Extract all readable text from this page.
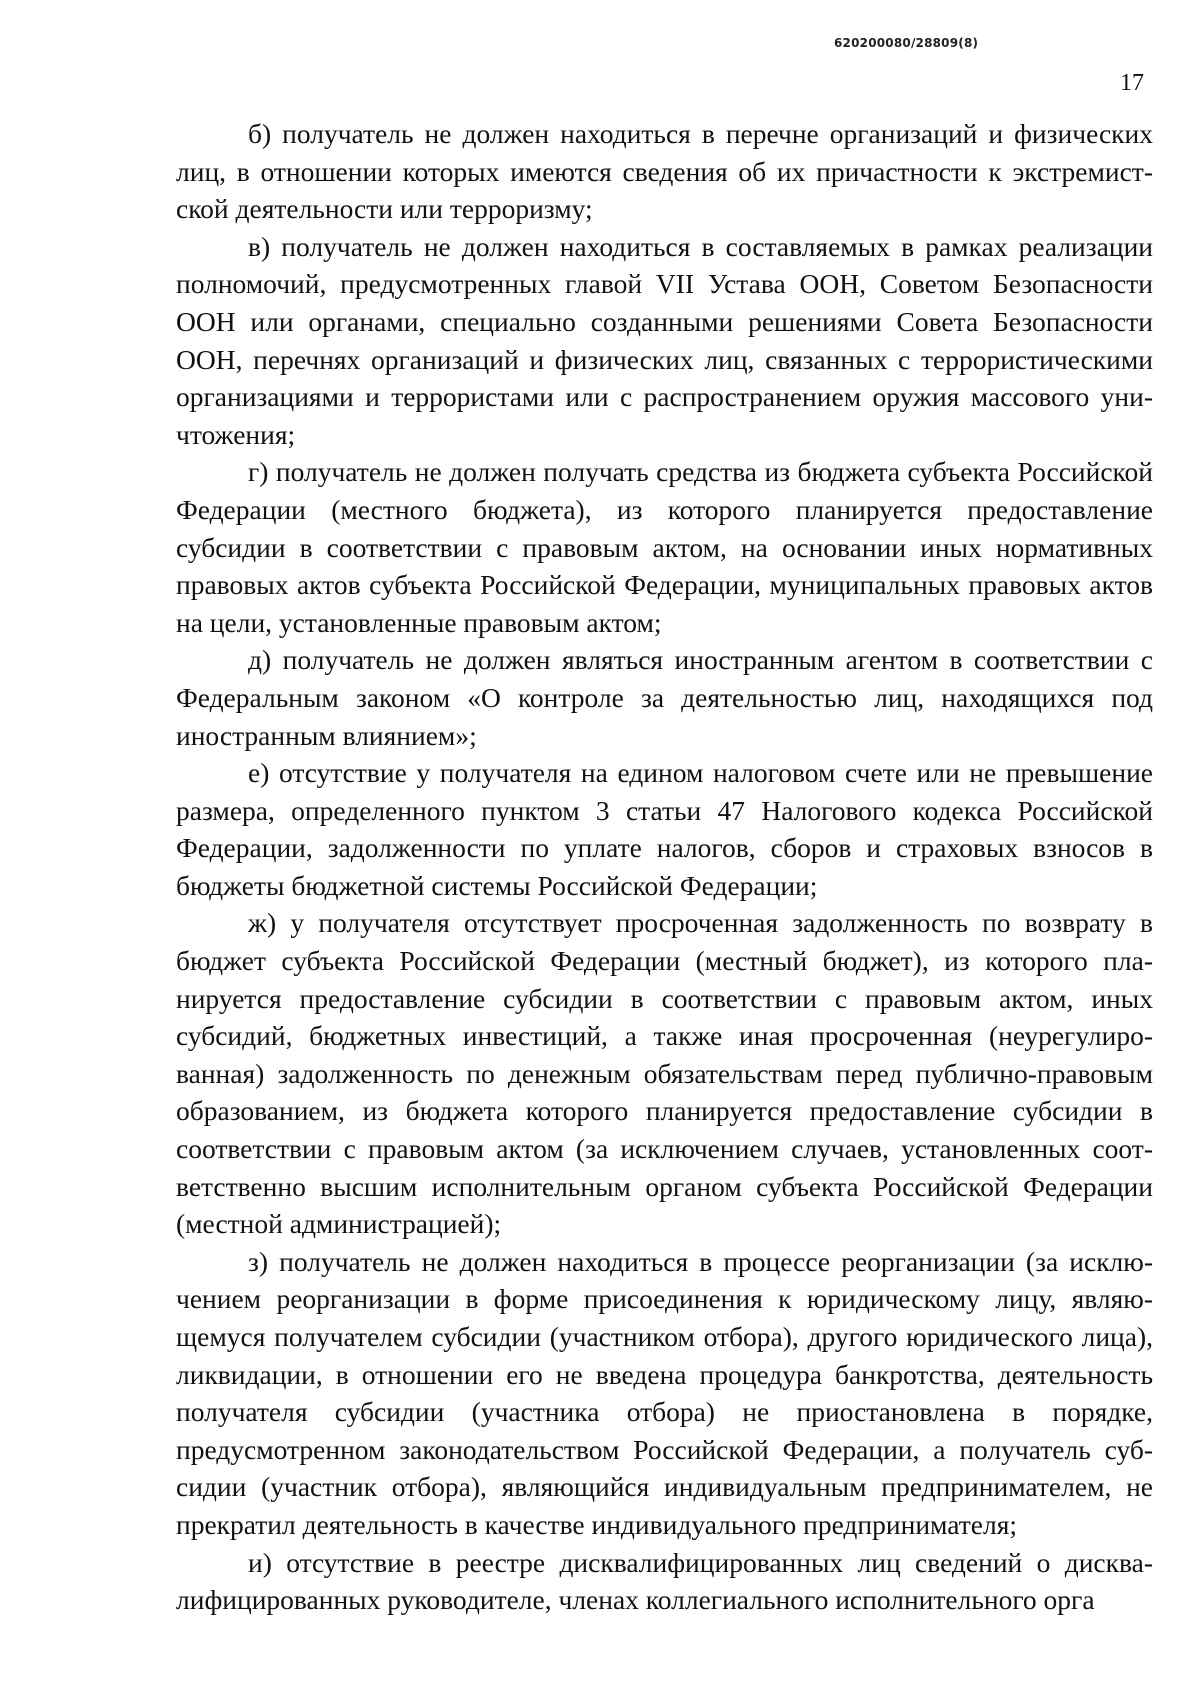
620200080/28809(8)
17

б) получатель не должен находиться в перечне организаций и физических лиц, в отношении которых имеются сведения об их причастности к экстремистской деятельности или терроризму;

в) получатель не должен находиться в составляемых в рамках реализации полномочий, предусмотренных главой VII Устава ООН, Советом Безопасности ООН или органами, специально созданными решениями Совета Безопасности ООН, перечнях организаций и физических лиц, связанных с террористическими организациями и террористами или с распространением оружия массового уничтожения;

г) получатель не должен получать средства из бюджета субъекта Российской Федерации (местного бюджета), из которого планируется предоставление субсидии в соответствии с правовым актом, на основании иных нормативных правовых актов субъекта Российской Федерации, муниципальных правовых актов на цели, установленные правовым актом;

д) получатель не должен являться иностранным агентом в соответствии с Федеральным законом «О контроле за деятельностью лиц, находящихся под иностранным влиянием»;

е) отсутствие у получателя на едином налоговом счете или не превышение размера, определенного пунктом 3 статьи 47 Налогового кодекса Российской Федерации, задолженности по уплате налогов, сборов и страховых взносов в бюджеты бюджетной системы Российской Федерации;

ж) у получателя отсутствует просроченная задолженность по возврату в бюджет субъекта Российской Федерации (местный бюджет), из которого планируется предоставление субсидии в соответствии с правовым актом, иных субсидий, бюджетных инвестиций, а также иная просроченная (неурегулированная) задолженность по денежным обязательствам перед публично-правовым образованием, из бюджета которого планируется предоставление субсидии в соответствии с правовым актом (за исключением случаев, установленных соответственно высшим исполнительным органом субъекта Российской Федерации (местной администрацией);

з) получатель не должен находиться в процессе реорганизации (за исключением реорганизации в форме присоединения к юридическому лицу, являющемуся получателем субсидии (участником отбора), другого юридического лица), ликвидации, в отношении его не введена процедура банкротства, деятельность получателя субсидии (участника отбора) не приостановлена в порядке, предусмотренном законодательством Российской Федерации, а получатель субсидии (участник отбора), являющийся индивидуальным предпринимателем, не прекратил деятельность в качестве индивидуального предпринимателя;

и) отсутствие в реестре дисквалифицированных лиц сведений о дисквалифицированных руководителе, членах коллегиального исполнительного орга
